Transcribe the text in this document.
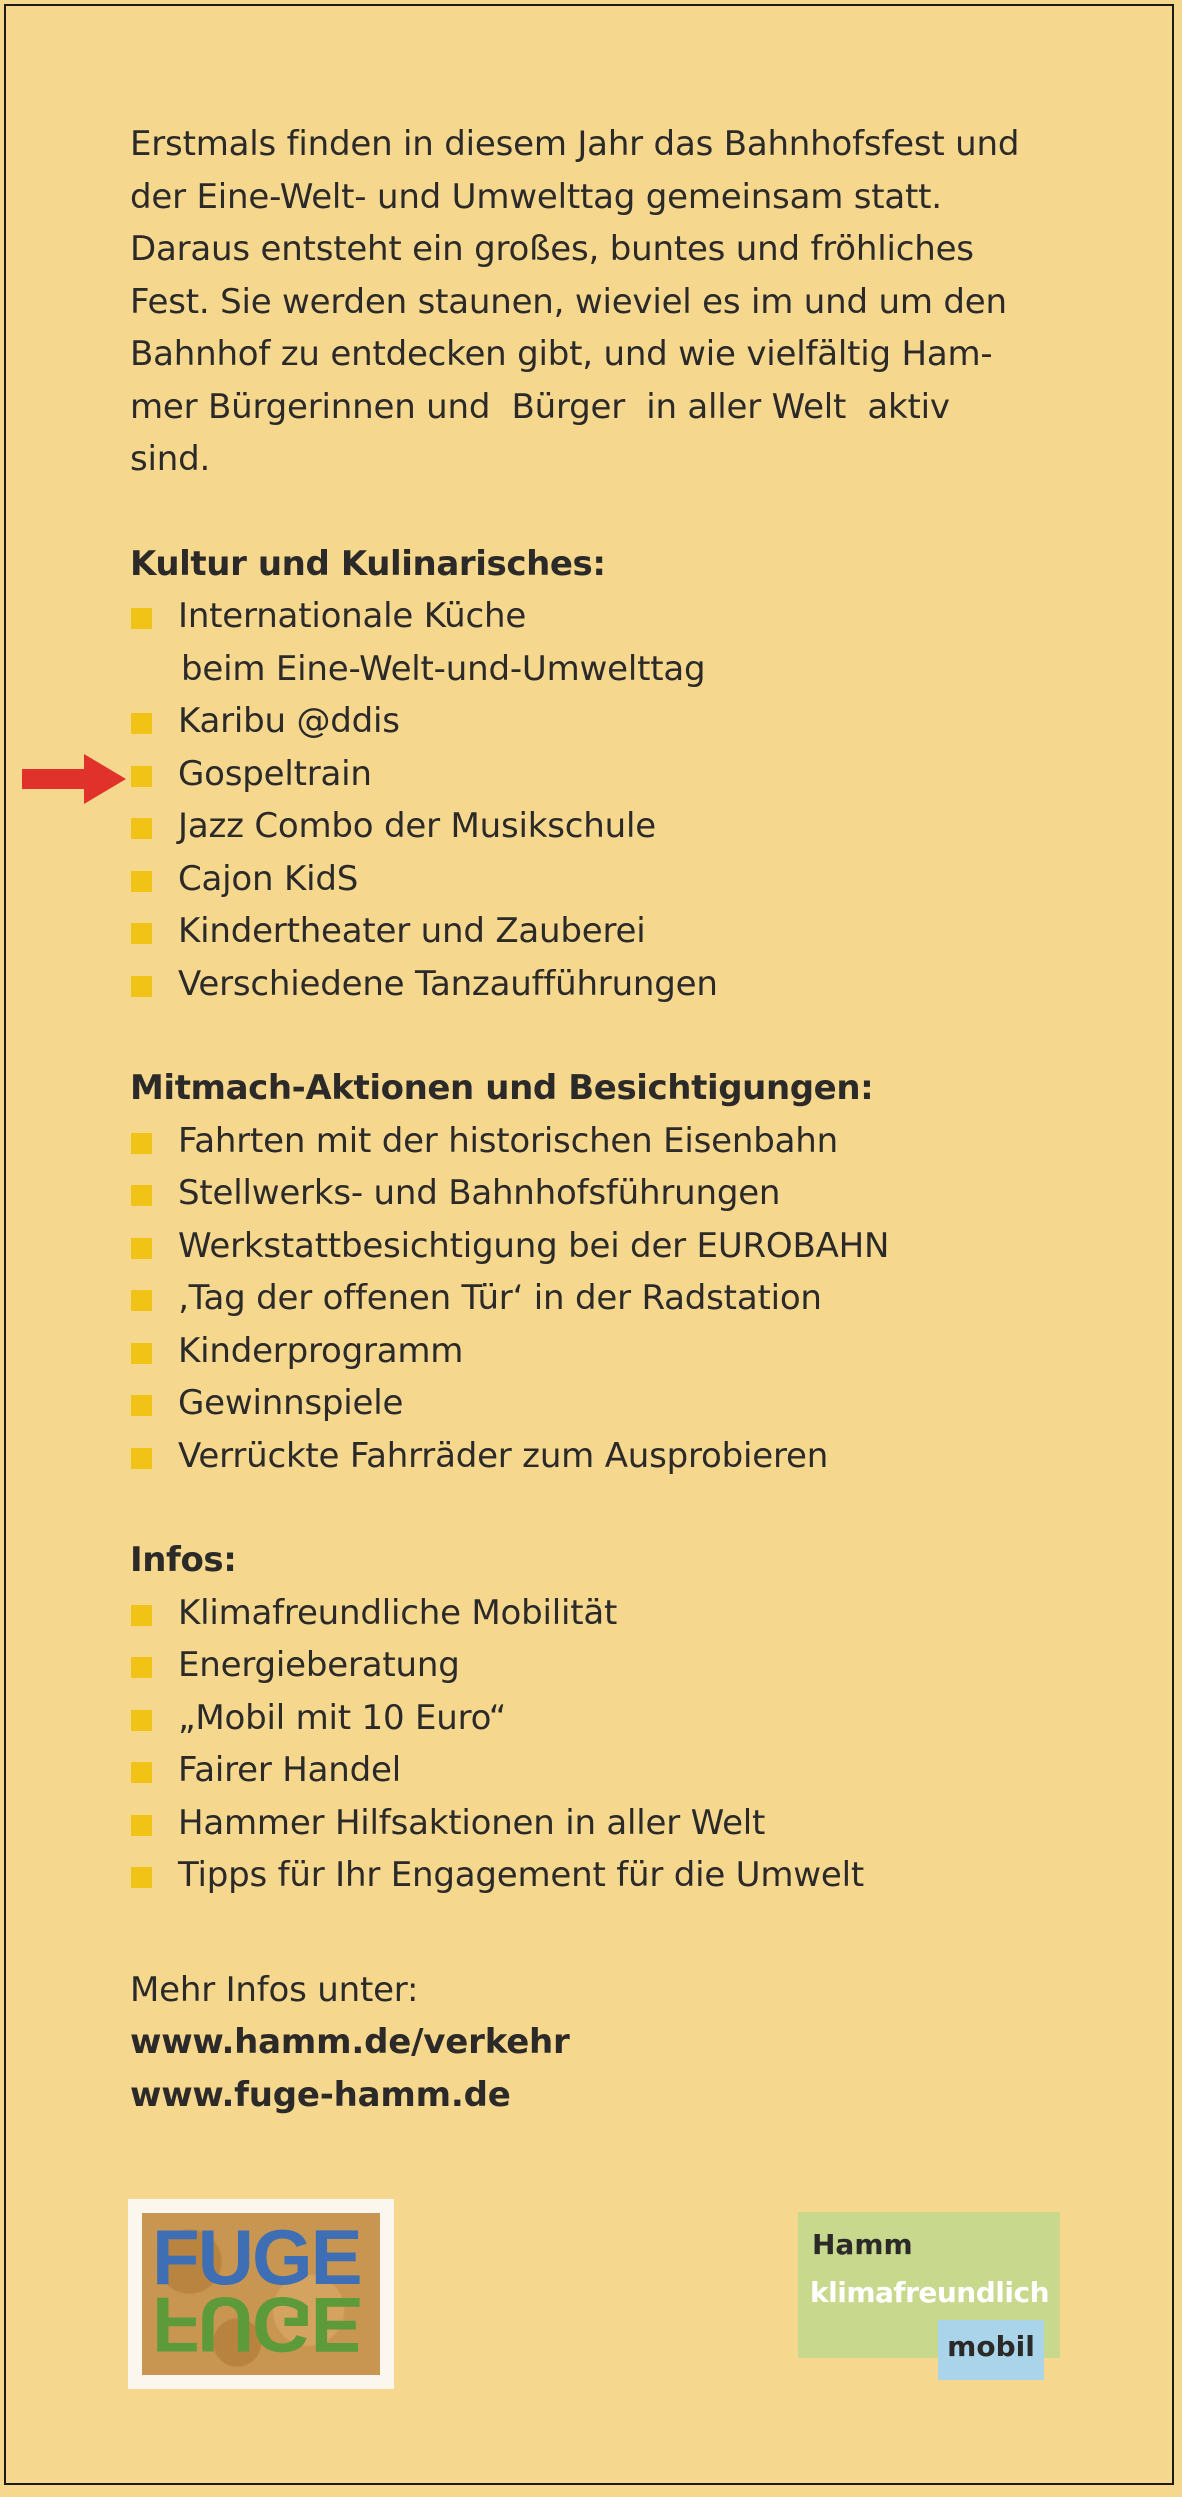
Erstmals finden in diesem Jahr das Bahnhofsfest und
der Eine-Welt- und Umwelttag gemeinsam statt.
Daraus entsteht ein großes, buntes und fröhliches
Fest. Sie werden staunen, wieviel es im und um den
Bahnhof zu entdecken gibt, und wie vielfältig Ham-
mer Bürgerinnen und  Bürger  in aller Welt  aktiv
sind.

Kultur und Kulinarisches:

Internationale Küche
beim Eine-Welt-und-Umwelttag
Karibu @ddis
Gospeltrain
Jazz Combo der Musikschule
Cajon KidS
Kindertheater und Zauberei
Verschiedene Tanzaufführungen

Mitmach-Aktionen und Besichtigungen:

Fahrten mit der historischen Eisenbahn
Stellwerks- und Bahnhofsführungen
Werkstattbesichtigung bei der EUROBAHN
‚Tag der offenen Tür‘ in der Radstation
Kinderprogramm
Gewinnspiele
Verrückte Fahrräder zum Ausprobieren

Infos:

Klimafreundliche Mobilität
Energieberatung
„Mobil mit 10 Euro“
Fairer Handel
Hammer Hilfsaktionen in aller Welt
Tipps für Ihr Engagement für die Umwelt

Mehr Infos unter:

www.hamm.de/verkehr

www.fuge-hamm.de

FUGE
FUGE
Hamm
klimafreundlich
mobil
